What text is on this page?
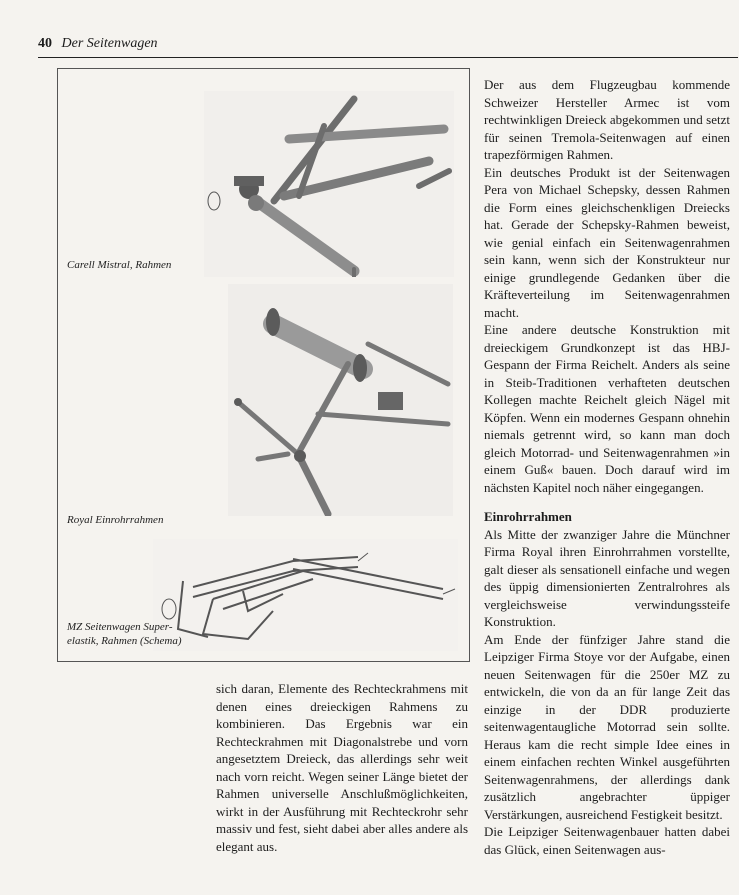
40 Der Seitenwagen
Carell Mistral, Rahmen
Royal Einrohrrahmen
MZ Seitenwagen Super-
elastik, Rahmen (Schema)

Der aus dem Flugzeugbau kommende Schweizer Hersteller Armec ist vom rechtwinkligen Dreieck abgekommen und setzt für seinen Tremola-Seitenwagen auf einen trapezförmigen Rahmen.

Ein deutsches Produkt ist der Seitenwagen Pera von Michael Schepsky, dessen Rahmen die Form eines gleichschenkligen Dreiecks hat. Gerade der Schepsky-Rahmen beweist, wie genial einfach ein Seitenwagenrahmen sein kann, wenn sich der Konstrukteur nur einige grundlegende Gedanken über die Kräfteverteilung im Seitenwagenrahmen macht.

Eine andere deutsche Konstruktion mit dreieckigem Grundkonzept ist das HBJ-Gespann der Firma Reichelt. Anders als seine in Steib-Traditionen verhafteten deutschen Kollegen machte Reichelt gleich Nägel mit Köpfen. Wenn ein modernes Gespann ohnehin niemals getrennt wird, so kann man doch gleich Motorrad- und Seitenwagenrahmen »in einem Guß« bauen. Doch darauf wird im nächsten Kapitel noch näher eingegangen.

Einrohrrahmen

Als Mitte der zwanziger Jahre die Münchner Firma Royal ihren Einrohrrahmen vorstellte, galt dieser als sensationell einfache und wegen des üppig dimensionierten Zentralrohres als vergleichsweise verwindungssteife Konstruktion.

Am Ende der fünfziger Jahre stand die Leipziger Firma Stoye vor der Aufgabe, einen neuen Seitenwagen für die 250er MZ zu entwickeln, die von da an für lange Zeit das einzige in der DDR produzierte seitenwagentaugliche Motorrad sein sollte. Heraus kam die recht simple Idee eines in einem einfachen rechten Winkel ausgeführten Seitenwagenrahmens, der allerdings dank zusätzlich angebrachter üppiger Verstärkungen, ausreichend Festigkeit besitzt.

Die Leipziger Seitenwagenbauer hatten dabei das Glück, einen Seitenwagen aus-

sich daran, Elemente des Rechteckrahmens mit denen eines dreieckigen Rahmens zu kombinieren. Das Ergebnis war ein Rechteckrahmen mit Diagonalstrebe und vorn angesetztem Dreieck, das allerdings sehr weit nach vorn reicht. Wegen seiner Länge bietet der Rahmen universelle Anschlußmöglichkeiten, wirkt in der Ausführung mit Rechteckrohr sehr massiv und fest, sieht dabei aber alles andere als elegant aus.
